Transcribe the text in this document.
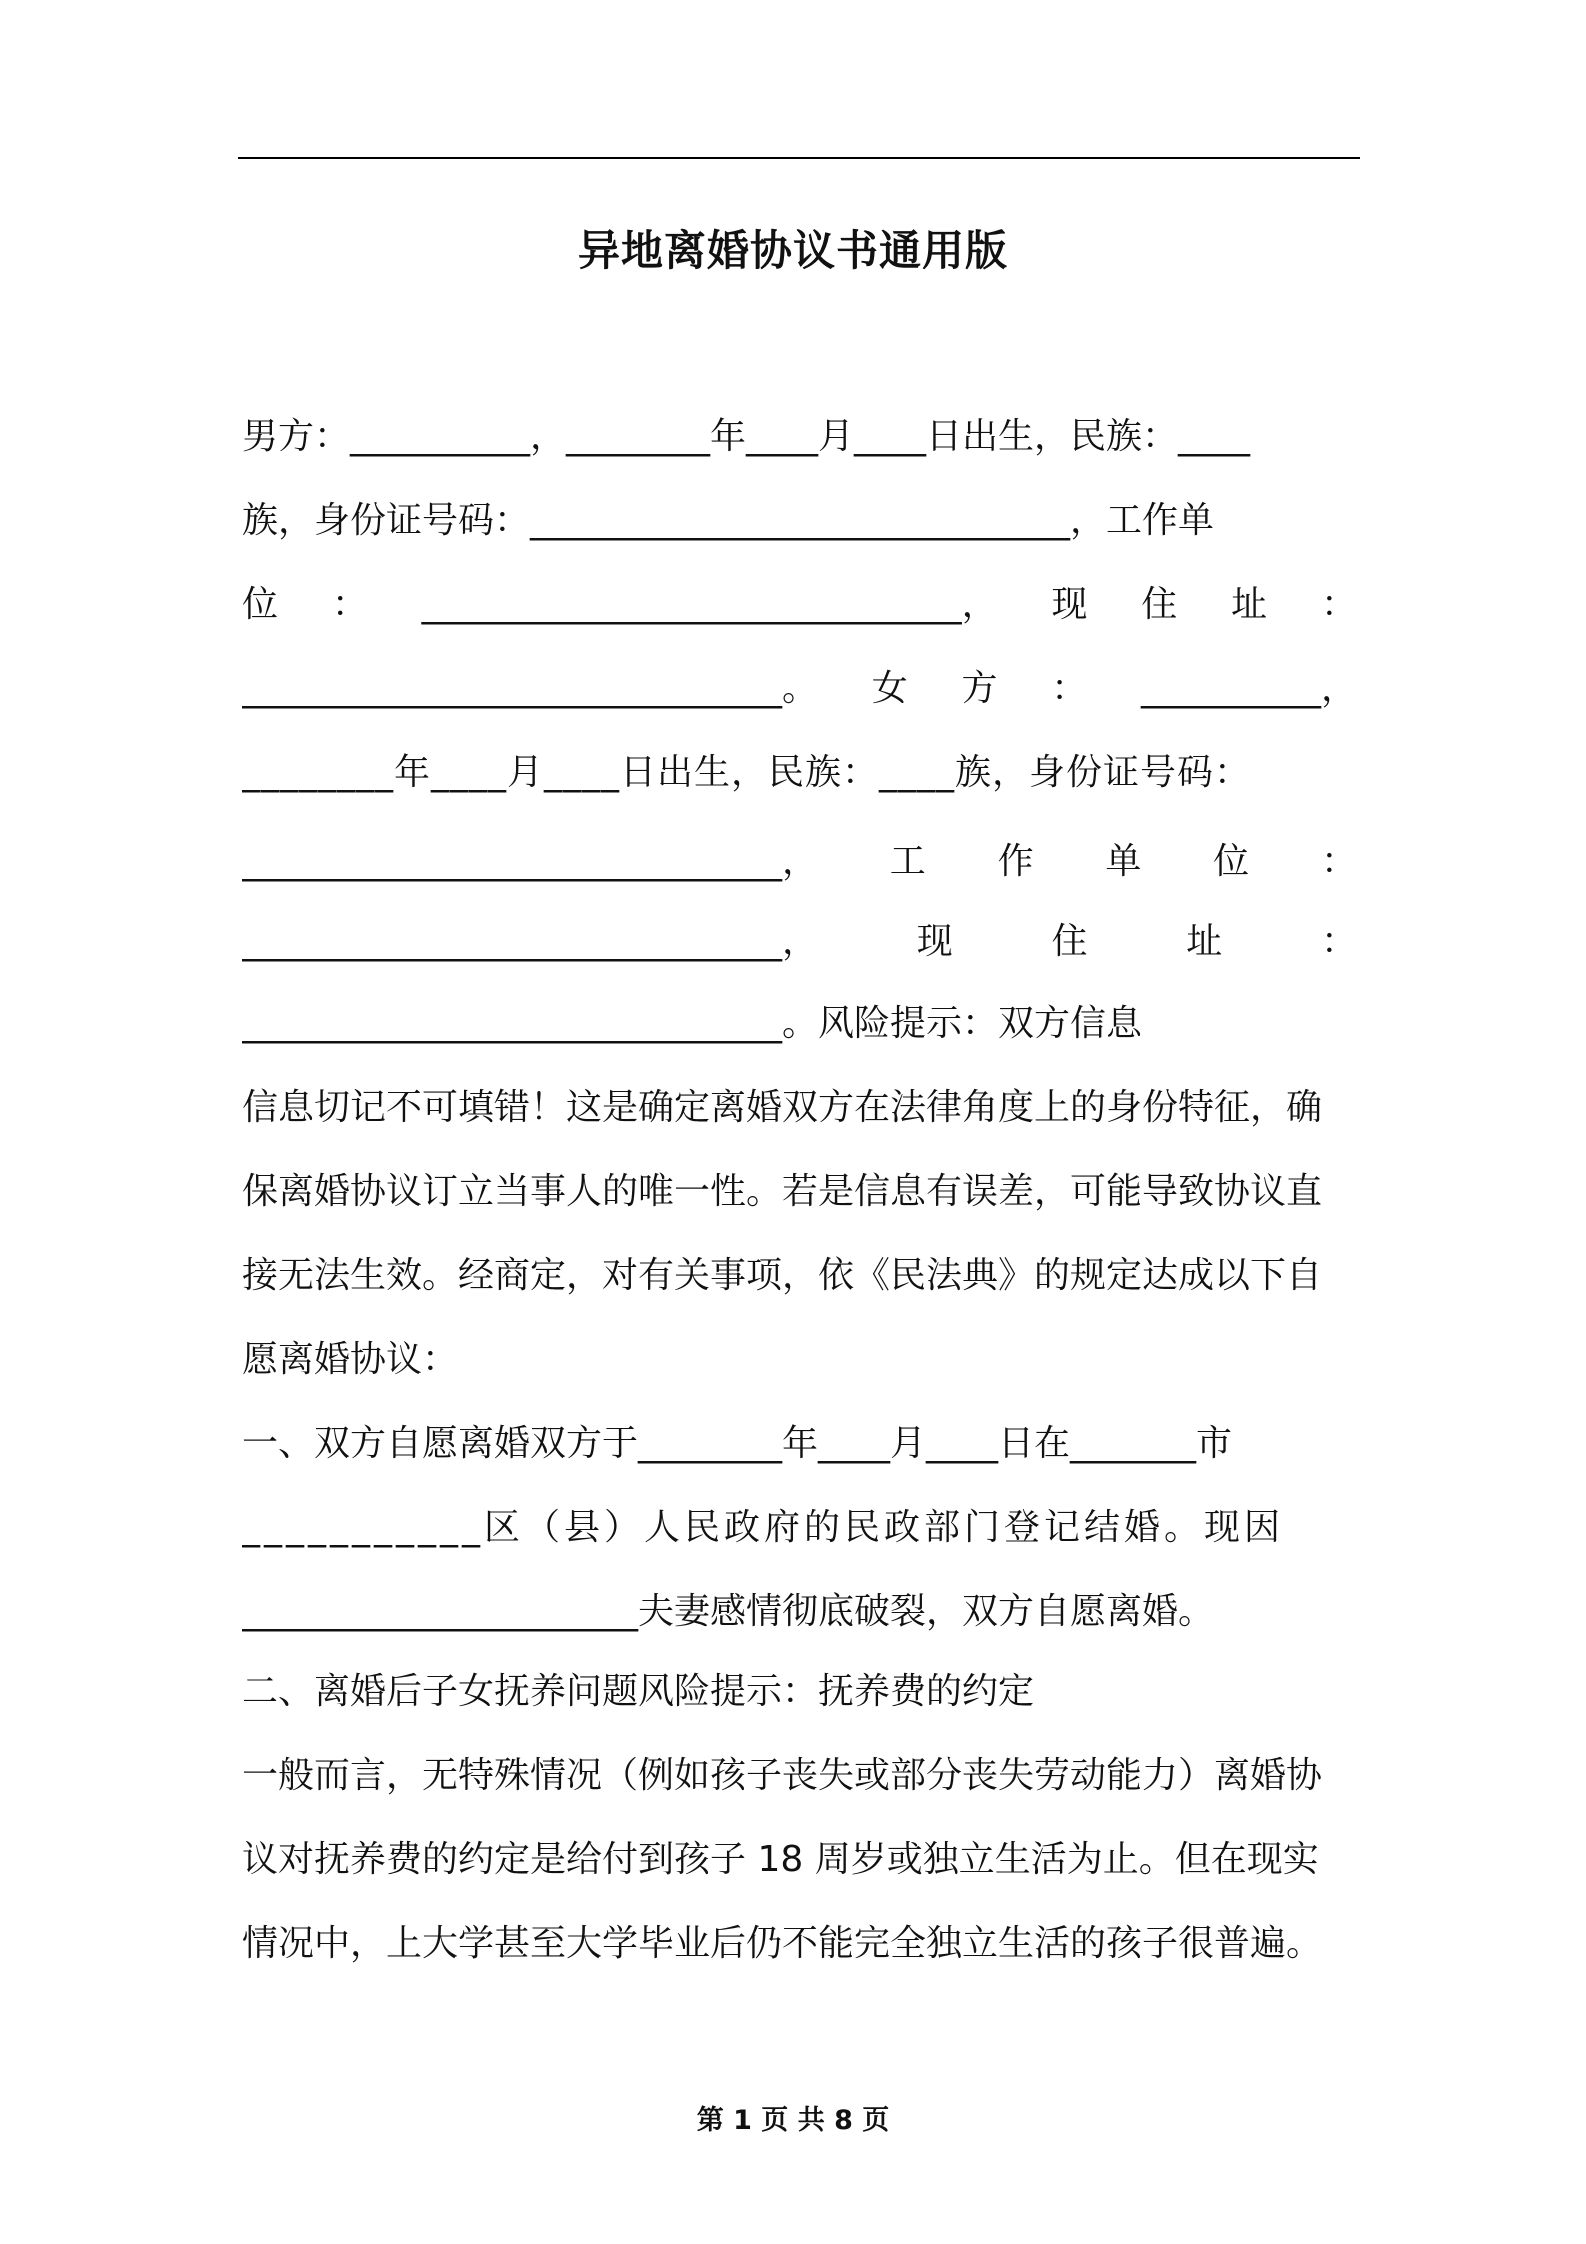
异地离婚协议书通用版
男方：__________，________年____月____日出生，民族：____
族，身份证号码：______________________________，工作单
位 ： ______________________________， 现 住 址 ：
______________________________。 女 方 ： __________，
________年____月____日出生，民族：____族，身份证号码：
______________________________， 工 作 单 位 ：
______________________________，	现	住	址	：
______________________________。风险提示：双方信息
信息切记不可填错！这是确定离婚双方在法律角度上的身份特征，确
保离婚协议订立当事人的唯一性。若是信息有误差，可能导致协议直
接无法生效。经商定，对有关事项，依《民法典》的规定达成以下自
愿离婚协议：
一、双方自愿离婚双方于________年____月____日在_______市
___________区（县）人民政府的民政部门登记结婚。现因
______________________夫妻感情彻底破裂，双方自愿离婚。
二、离婚后子女抚养问题风险提示：抚养费的约定
一般而言，无特殊情况（例如孩子丧失或部分丧失劳动能力）离婚协
议对抚养费的约定是给付到孩子 18 周岁或独立生活为止。但在现实
情况中，上大学甚至大学毕业后仍不能完全独立生活的孩子很普遍。
第 1 页 共 8 页
